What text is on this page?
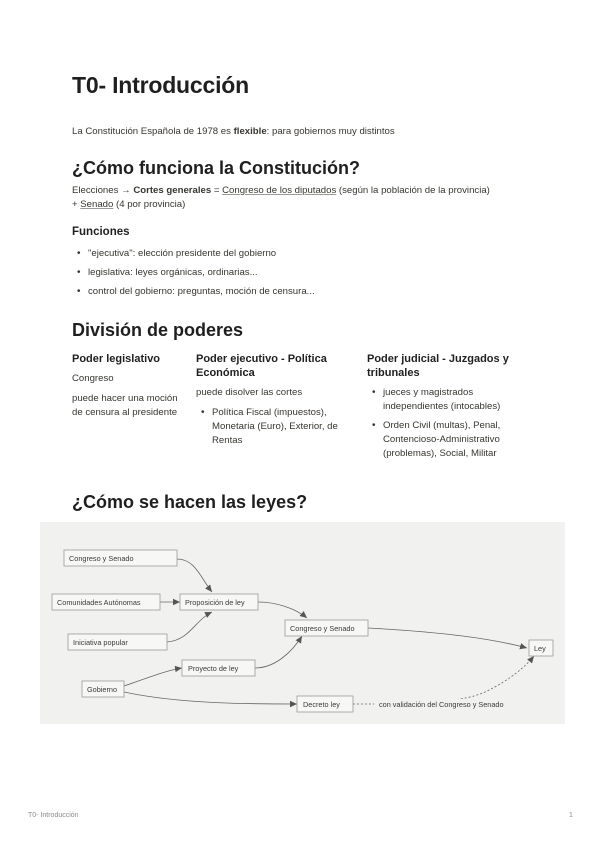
T0- Introducción
La Constitución Española de 1978 es flexible: para gobiernos muy distintos
¿Cómo funciona la Constitución?
Elecciones → Cortes generales = Congreso de los diputados (según la población de la provincia)
+ Senado (4 por provincia)
Funciones
• "ejecutiva": elección presidente del gobierno
• legislativa: leyes orgánicas, ordinarias...
• control del gobierno: preguntas, moción de censura...
División de poderes
Poder legislativo
Congreso
puede hacer una moción de censura al presidente
Poder ejecutivo - Política Económica
puede disolver las cortes
• Política Fiscal (impuestos), Monetaria (Euro), Exterior, de Rentas
Poder judicial - Juzgados y tribunales
• jueces y magistrados independientes (intocables)
• Orden Civil (multas), Penal, Contencioso-Administrativo (problemas), Social, Militar
¿Cómo se hacen las leyes?
Congreso y Senado
Comunidades Autónomas
Iniciativa popular
Proposición de ley
Congreso y Senado
Proyecto de ley
Gobierno
Decreto ley
Ley
con validación del Congreso y Senado
T0- Introducción	1
